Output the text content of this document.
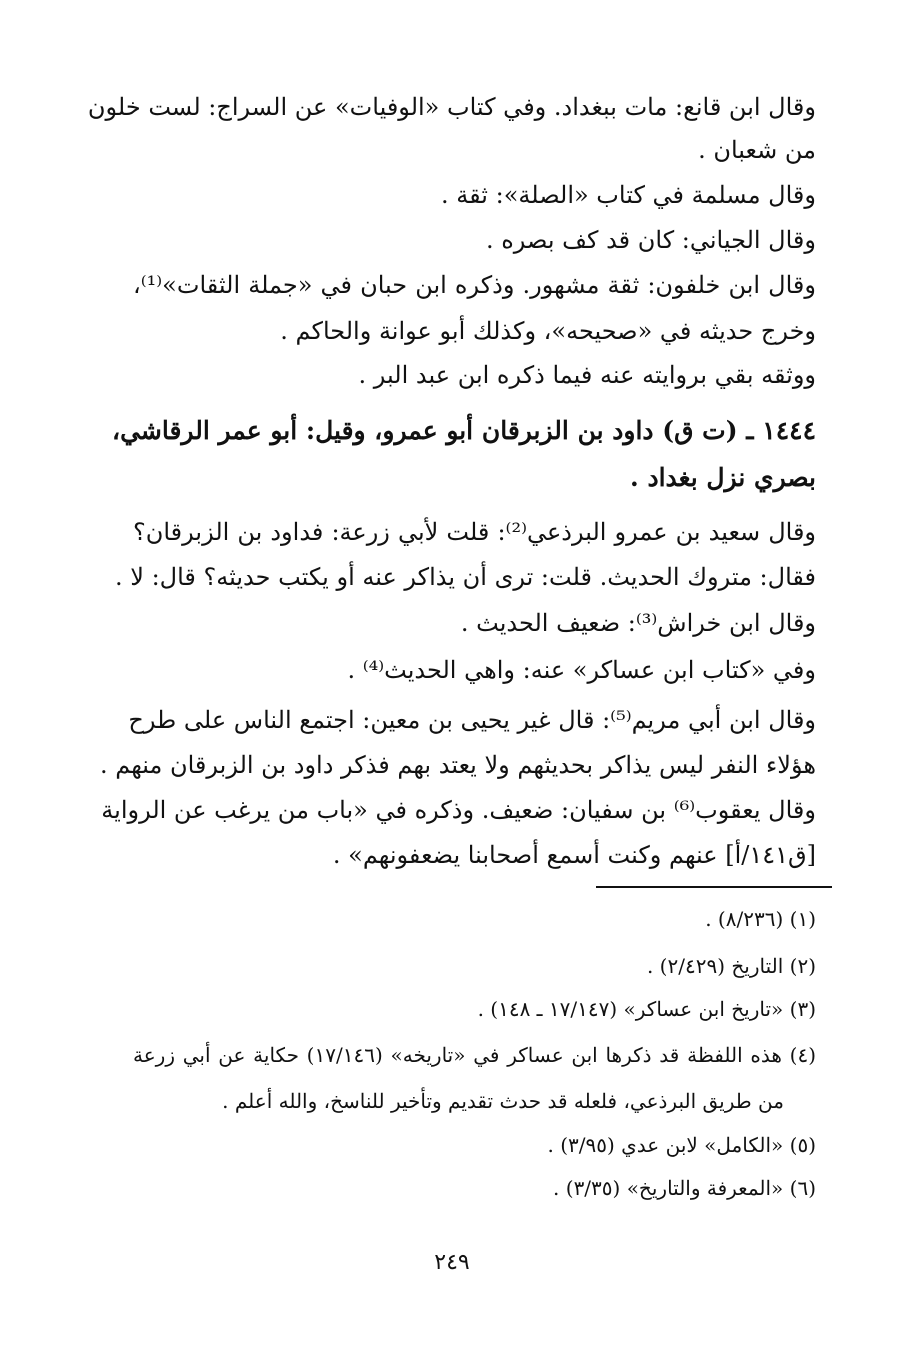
وقال ابن قانع: مات ببغداد. وفي كتاب «الوفيات» عن السراج: لست خلون
من شعبان .
وقال مسلمة في كتاب «الصلة»: ثقة .
وقال الجياني: كان قد كف بصره .
وقال ابن خلفون: ثقة مشهور. وذكره ابن حبان في «جملة الثقات»⁽¹⁾،
وخرج حديثه في «صحيحه»، وكذلك أبو عوانة والحاكم .
ووثقه بقي بروايته عنه فيما ذكره ابن عبد البر .
١٤٤٤ ـ (ت ق) داود بن الزبرقان أبو عمرو، وقيل: أبو عمر الرقاشي،
بصري نزل بغداد .
وقال سعيد بن عمرو البرذعي⁽²⁾: قلت لأبي زرعة: فداود بن الزبرقان؟
فقال: متروك الحديث. قلت: ترى أن يذاكر عنه أو يكتب حديثه؟ قال: لا .
وقال ابن خراش⁽³⁾: ضعيف الحديث .
وفي «كتاب ابن عساكر» عنه: واهي الحديث⁽⁴⁾ .
وقال ابن أبي مريم⁽⁵⁾: قال غير يحيى بن معين: اجتمع الناس على طرح
هؤلاء النفر ليس يذاكر بحديثهم ولا يعتد بهم فذكر داود بن الزبرقان منهم .
وقال يعقوب⁽⁶⁾ بن سفيان: ضعيف. وذكره في «باب من يرغب عن الرواية
[ق١٤١/أ] عنهم وكنت أسمع أصحابنا يضعفونهم» .
(١) (٨/٢٣٦) .
(٢) التاريخ (٢/٤٢٩) .
(٣) «تاريخ ابن عساكر» (١٧/١٤٧ ـ ١٤٨) .
(٤) هذه اللفظة قد ذكرها ابن عساكر في «تاريخه» (١٧/١٤٦) حكاية عن أبي زرعة
من طريق البرذعي، فلعله قد حدث تقديم وتأخير للناسخ، والله أعلم .
(٥) «الكامل» لابن عدي (٣/٩٥) .
(٦) «المعرفة والتاريخ» (٣/٣٥) .
٢٤٩
